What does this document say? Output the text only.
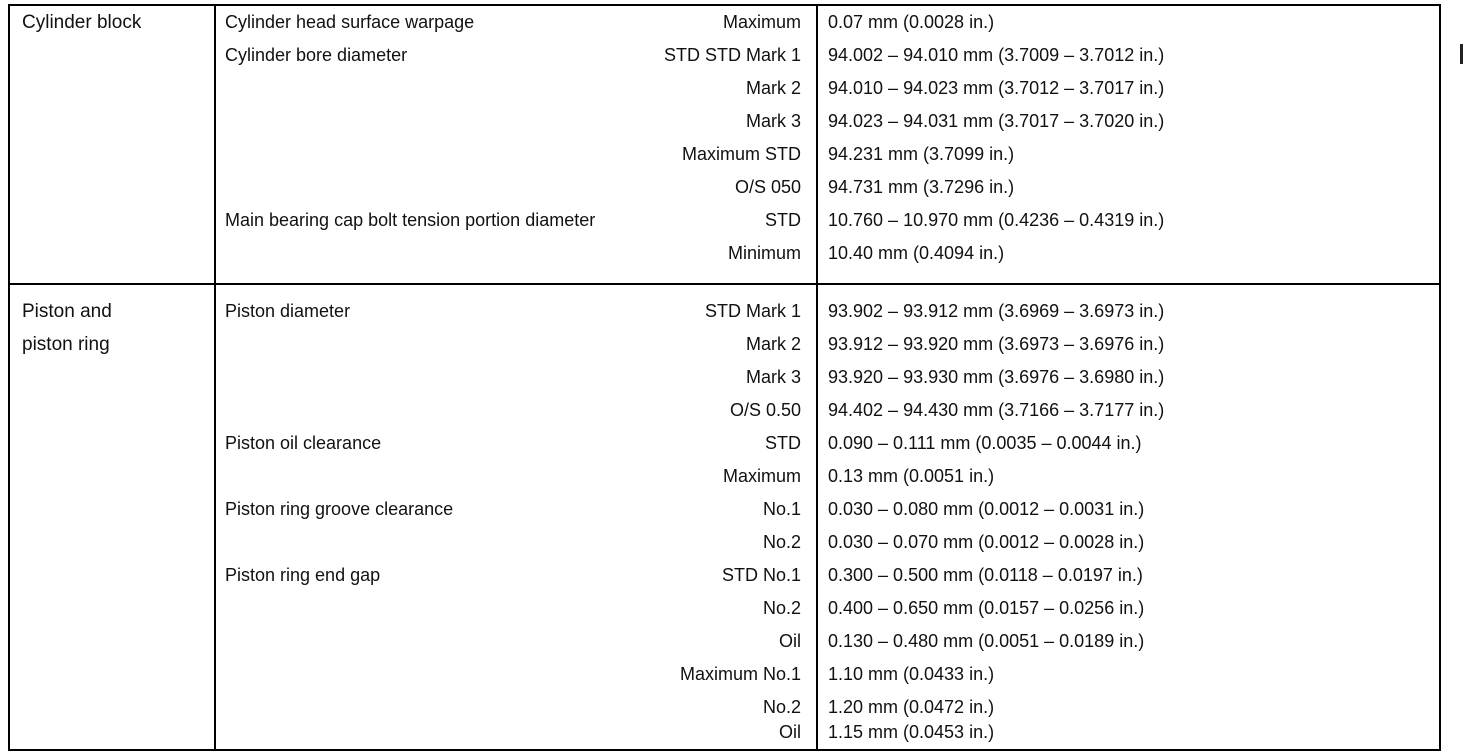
Cylinder block	Cylinder head surface warpage	Maximum 0.07 mm (0.0028 in.)
Cylinder bore diameter	STD STD Mark 1 94.002 – 94.010 mm (3.7009 – 3.7012 in.)
Mark 2 94.010 – 94.023 mm (3.7012 – 3.7017 in.)
Mark 3 94.023 – 94.031 mm (3.7017 – 3.7020 in.)
Maximum STD 94.231 mm (3.7099 in.)
O/S 050 94.731 mm (3.7296 in.)
Main bearing cap bolt tension portion diameter	STD 10.760 – 10.970 mm (0.4236 – 0.4319 in.)
Minimum 10.40 mm (0.4094 in.)
Piston and
piston ring
Piston diameter	STD Mark 1 93.902 – 93.912 mm (3.6969 – 3.6973 in.)
Mark 2 93.912 – 93.920 mm (3.6973 – 3.6976 in.)
Mark 3 93.920 – 93.930 mm (3.6976 – 3.6980 in.)
O/S 0.50 94.402 – 94.430 mm (3.7166 – 3.7177 in.)
Piston oil clearance	STD 0.090 – 0.111 mm (0.0035 – 0.0044 in.)
Maximum 0.13 mm (0.0051 in.)
Piston ring groove clearance	No.1 0.030 – 0.080 mm (0.0012 – 0.0031 in.)
No.2 0.030 – 0.070 mm (0.0012 – 0.0028 in.)
Piston ring end gap	STD No.1 0.300 – 0.500 mm (0.0118 – 0.0197 in.)
No.2 0.400 – 0.650 mm (0.0157 – 0.0256 in.)
Oil 0.130 – 0.480 mm (0.0051 – 0.0189 in.)
Maximum No.1 1.10 mm (0.0433 in.)
No.2 1.20 mm (0.0472 in.)
Oil 1.15 mm (0.0453 in.)
